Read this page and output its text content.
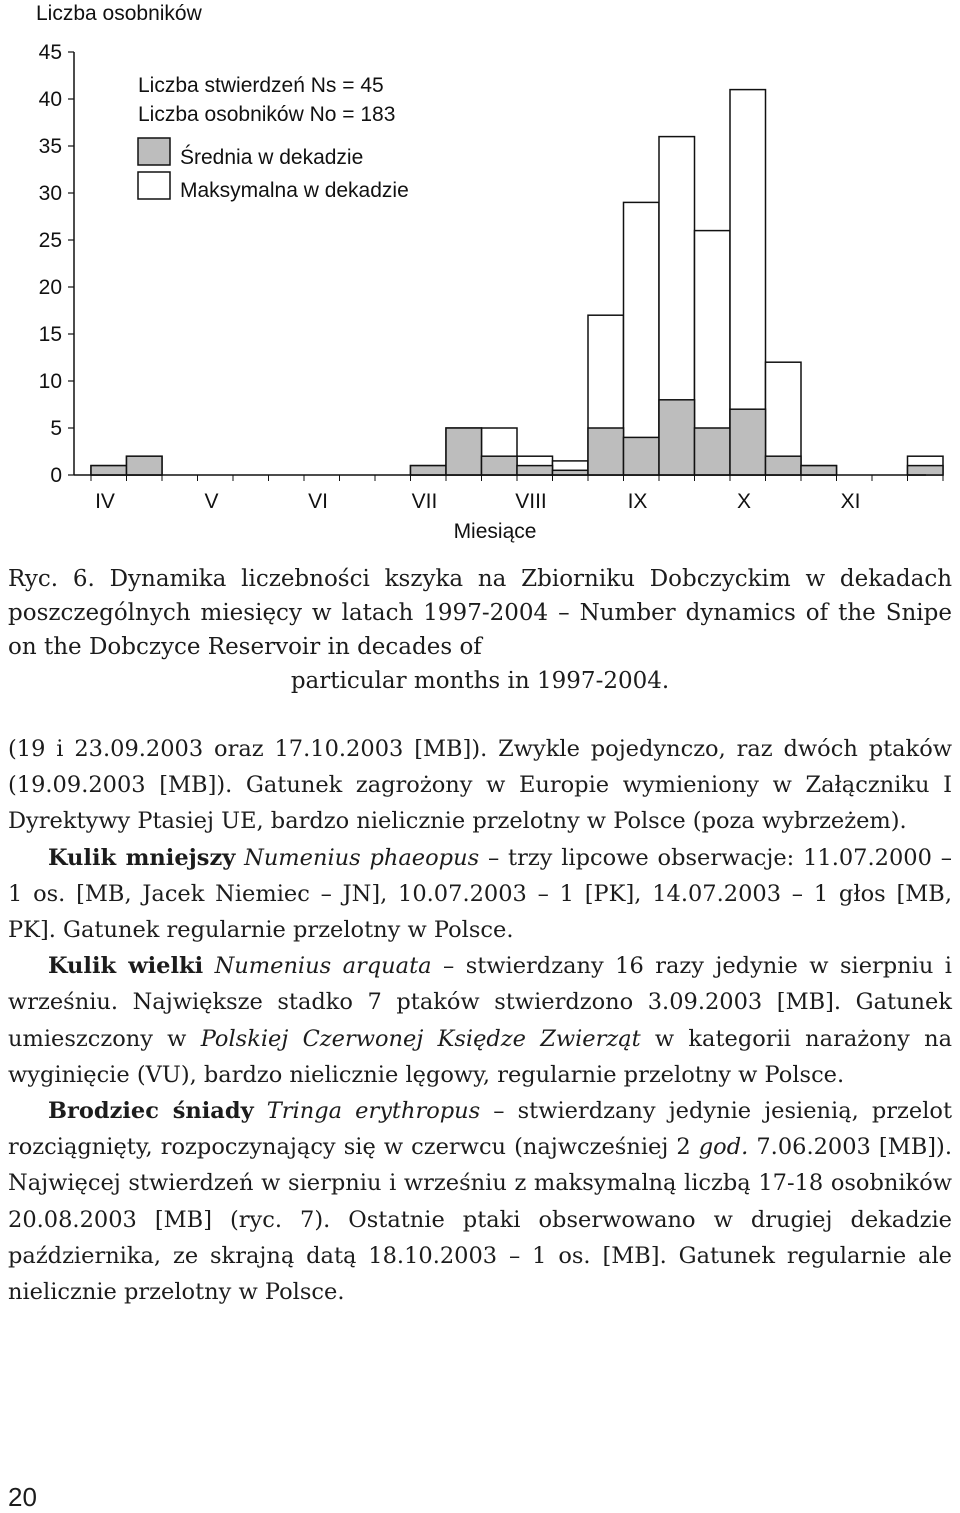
Liczba osobników
0
5
10
15
20
25
30
35
40
45
IV	V	VI	VII	VIII	IX	X	XI
Miesiące
Liczba stwierdzeń Ns = 45
Liczba osobników No = 183
Średnia w dekadzie
Maksymalna w dekadzie

Ryc. 6. Dynamika liczebności kszyka na Zbiorniku Dobczyckim w dekadach poszczególnych miesięcy w latach 1997-2004 – Number dynamics of the Snipe on the Dobczyce Reservoir in decades of
particular months in 1997-2004.

(19 i 23.09.2003 oraz 17.10.2003 [MB]). Zwykle pojedynczo, raz dwóch ptaków (19.09.2003 [MB]). Gatunek zagrożony w Europie wymieniony w Załączniku I Dyrektywy Ptasiej UE, bardzo nielicznie przelotny w Polsce (poza wybrzeżem).

Kulik mniejszy Numenius phaeopus – trzy lipcowe obserwacje: 11.07.2000 – 1 os. [MB, Jacek Niemiec – JN], 10.07.2003 – 1 [PK], 14.07.2003 – 1 głos [MB, PK]. Gatunek regularnie przelotny w Polsce.

Kulik wielki Numenius arquata – stwierdzany 16 razy jedynie w sierpniu i wrześniu. Największe stadko 7 ptaków stwierdzono 3.09.2003 [MB]. Gatunek umieszczony w Polskiej Czerwonej Księdze Zwierząt w kategorii narażony na wyginięcie (VU), bardzo nielicznie lęgowy, regularnie przelotny w Polsce.

Brodziec śniady Tringa erythropus – stwierdzany jedynie jesienią, przelot rozciągnięty, rozpoczynający się w czerwcu (najwcześniej 2 god. 7.06.2003 [MB]). Najwięcej stwierdzeń w sierpniu i wrześniu z maksymalną liczbą 17-18 osobników 20.08.2003 [MB] (ryc. 7). Ostatnie ptaki obserwowano w drugiej dekadzie października, ze skrajną datą 18.10.2003 – 1 os. [MB]. Gatunek regularnie ale nielicznie przelotny w Polsce.

20
